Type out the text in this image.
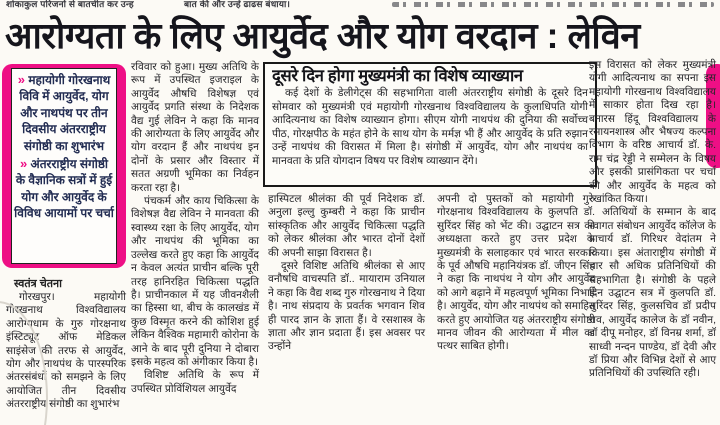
शोकाकुल परिजनों से बातचीत कर उन्ह	बात की और उन्हें ढाढस बंधाया।
आरोग्यता के लिए आयुर्वेद और योग वरदान : लेविन

» महायोगी गोरखनाथ विवि में आयुर्वेद, योग और नाथपंथ पर तीन दिवसीय अंतरराष्ट्रीय संगोष्ठी का शुभारंभ

» अंतरराष्ट्रीय संगोष्ठी के वैज्ञानिक सत्रों में हुई योग और आयुर्वेद के विविध आयामों पर चर्चा

स्वतंत्र चेतना

गोरखपुर। महायोगी गोरखनाथ विश्वविद्यालय आरोग्यधाम के गुरु गोरक्षनाथ इंस्टिट्यूट ऑफ मेडिकल साइंसेज की तरफ से आयुर्वेद, योग और नाथपंथ के पारस्परिक अंतरसंबंधों को समझने के लिए आयोजित तीन दिवसीय अंतरराष्ट्रीय संगोष्ठी का शुभारंभ

रविवार को हुआ। मुख्य अतिथि के रूप में उपस्थित इजराइल के आयुर्वेद औषधि विशेषज्ञ एवं आयुर्वेद प्रगति संस्था के निदेशक वैद्य गुई लेविन ने कहा कि मानव की आरोग्यता के लिए आयुर्वेद और योग वरदान हैं और नाथपंथ इन दोनों के प्रसार और विस्तार में सतत अग्रणी भूमिका का निर्वहन करता रहा है।

पंचकर्म और काय चिकित्सा के विशेषज्ञ वैद्य लेविन ने मानवता की स्वास्थ्य रक्षा के लिए आयुर्वेद, योग और नाथपंथ की भूमिका का उल्लेख करते हुए कहा कि आयुर्वेद न केवल अत्यंत प्राचीन बल्कि पूरी तरह हानिरहित चिकित्सा पद्धति है। प्राचीनकाल में यह जीवनशैली का हिस्सा था, बीच के कालखंड में कुछ विस्मृत करने की कोशिश हुई लेकिन वैश्विक महामारी कोरोना के आने के बाद पूरी दुनिया ने दोबारा इसके महत्व को अंगीकार किया है।

विशिष्ट अतिथि के रूप में उपस्थित प्रोविंशियल आयुर्वेद

दूसरे दिन होगा मुख्यमंत्री का विशेष व्याख्यान

कई देशों के डेलीगेट्स की सहभागिता वाली अंतरराष्ट्रीय संगोष्ठी के दूसरे दिन सोमवार को मुख्यमंत्री एवं महायोगी गोरखनाथ विश्वविद्यालय के कुलाधिपति योगी आदित्यनाथ का विशेष व्याख्यान होगा। सीएम योगी नाथपंथ की दुनिया की सर्वोच्च पीठ, गोरक्षपीठ के महंत होने के साथ योग के मर्मज्ञ भी हैं और आयुर्वेद के प्रति रुझान उन्हें नाथपंथ की विरासत में मिला है। संगोष्ठी में आयुर्वेद, योग और नाथपंथ का मानवता के प्रति योगदान विषय पर विशेष व्याख्यान देंगे।

हास्पिटल श्रीलंका की पूर्व निदेशक डॉ. अनुला इल्लु कुम्बरी ने कहा कि प्राचीन सांस्कृतिक और आयुर्वेद चिकित्सा पद्धति को लेकर श्रीलंका और भारत दोनों देशों की अपनी साझा विरासत है।

दूसरे विशिष्ट अतिथि श्रीलंका से आए वनौषधि वाचस्पति डॉ.. मायाराम उनियाल ने कहा कि वैद्य शब्द गुरु गोरखनाथ ने दिया है। नाथ संप्रदाय के प्रवर्तक भगवान शिव ही पारद ज्ञान के ज्ञाता हैं। वे रसशास्त्र के ज्ञाता और ज्ञान प्रदाता हैं। इस अवसर पर उन्होंने

अपनी दो पुस्तकों को महायोगी गुरु गोरक्षनाथ विश्वविद्यालय के कुलपति डॉ. सुरिंदर सिंह को भेंट की। उद्घाटन सत्र की अध्यक्षता करते हुए उत्तर प्रदेश के मुख्यमंत्री के सलाहकार एवं भारत सरकार के पूर्व औषधि महानियंत्रक डॉ. जीएन सिंह ने कहा कि नाथपंथ ने योग और आयुर्वेद को आगे बढ़ाने में महत्वपूर्ण भूमिका निभाई है। आयुर्वेद, योग और नाथपंथ को समाहित करते हुए आयोजित यह अंतरराष्ट्रीय संगोष्ठी मानव जीवन की आरोग्यता में मील का पत्थर साबित होगी।

इस विरासत को लेकर मुख्यमंत्री योगी आदित्यनाथ का सपना इस महायोगी गोरखनाथ विश्वविद्यालय में साकार होता दिख रहा है। बनारस हिंदू विश्वविद्यालय के रसायनशास्त्र और भैषज्य कल्पना विभाग के वरिष्ठ आचार्य डॉ. के. राम चंद्र रेड्डी ने सम्मेलन के विषय और इसकी प्रासंगिकता पर चर्चा की और आयुर्वेद के महत्व को रेखांकित किया।

अतिथियों के सम्मान के बाद स्वागत संबोधन आयुर्वेद कॉलेज के प्राचार्य डॉ. गिरिधर वेदांतम ने किया। इस अंताराष्ट्रीय संगोष्ठी में चार सौ अधिक प्रतिनिधियों की सहभागिता है। संगोष्ठी के पहले दिन उद्घाटन सत्र में कुलपति डॉ. सुरिंदर सिंह, कुलसचिव डॉ प्रदीप राव, आयुर्वेद कालेज के डॉ नवीन, डॉ दीपू मनोहर, डॉ विनम्र शर्मा, डॉ साध्वी नन्दन पाण्डेय, डॉ देवी और डॉ प्रिया और विभिन्न देशों से आए प्रतिनिधियों की उपस्थिति रही।
